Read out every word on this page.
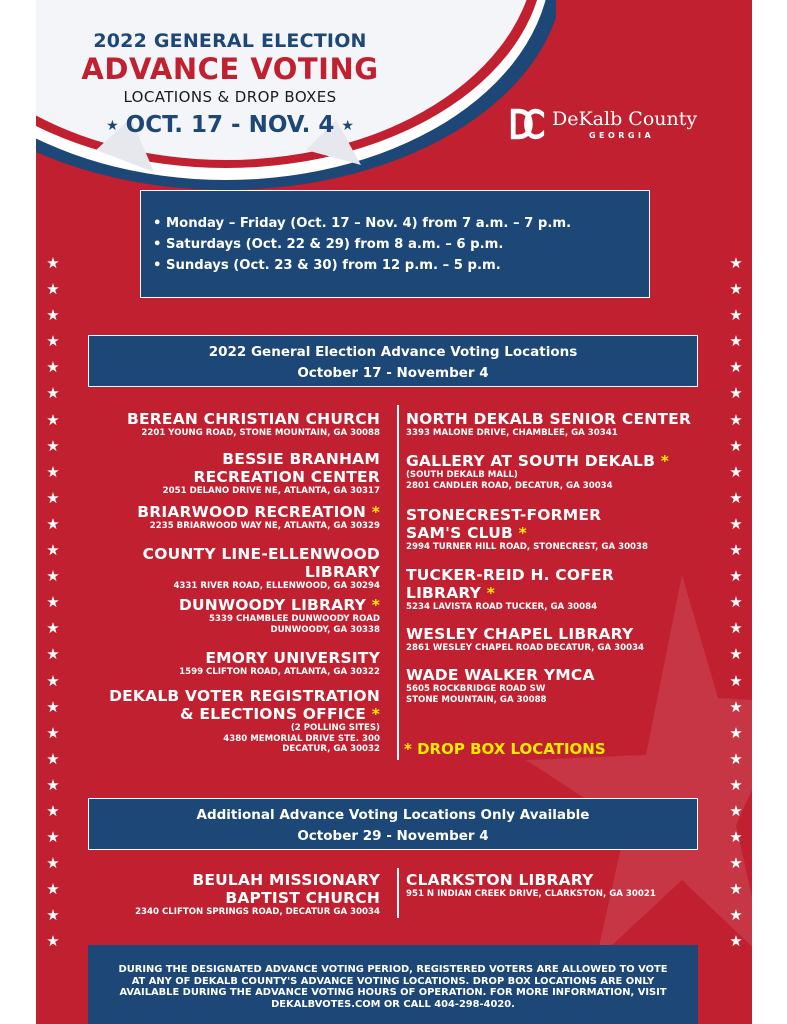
★
★
★
★
★
★
★
★
★
★
★
★
★
★
★
★
★
★
★
★
★
★
★
★
★
★
★
★
★
★
★
★
★
★
★
★
★
★
★
★
★
★
★
★
★
★
★
★
★
★
★
★
★
★
2022 GENERAL ELECTION
ADVANCE VOTING
LOCATIONS & DROP BOXES
★ OCT. 17 - NOV. 4 ★	DeKalb County
GEORGIA
• Monday – Friday (Oct. 17 – Nov. 4) from 7 a.m. – 7 p.m.
• Saturdays (Oct. 22 & 29) from 8 a.m. – 6 p.m.
• Sundays (Oct. 23 & 30) from 12 p.m. – 5 p.m.
2022 General Election Advance Voting Locations
October 17 - November 4
BEREAN CHRISTIAN CHURCH
2201 YOUNG ROAD, STONE MOUNTAIN, GA 30088
BESSIE BRANHAM
RECREATION CENTER
2051 DELANO DRIVE NE, ATLANTA, GA 30317
BRIARWOOD RECREATION *
2235 BRIARWOOD WAY NE, ATLANTA, GA 30329
COUNTY LINE-ELLENWOOD
LIBRARY
4331 RIVER ROAD, ELLENWOOD, GA 30294
DUNWOODY LIBRARY *
5339 CHAMBLEE DUNWOODY ROAD
DUNWOODY, GA 30338
EMORY UNIVERSITY
1599 CLIFTON ROAD, ATLANTA, GA 30322
DEKALB VOTER REGISTRATION
& ELECTIONS OFFICE *
(2 POLLING SITES)
4380 MEMORIAL DRIVE STE. 300
DECATUR, GA 30032
NORTH DEKALB SENIOR CENTER
3393 MALONE DRIVE, CHAMBLEE, GA 30341
GALLERY AT SOUTH DEKALB *
(SOUTH DEKALB MALL)
2801 CANDLER ROAD, DECATUR, GA 30034
STONECREST-FORMER
SAM'S CLUB *
2994 TURNER HILL ROAD, STONECREST, GA 30038
TUCKER-REID H. COFER
LIBRARY *
5234 LAVISTA ROAD TUCKER, GA 30084
WESLEY CHAPEL LIBRARY
2861 WESLEY CHAPEL ROAD DECATUR, GA 30034
WADE WALKER YMCA
5605 ROCKBRIDGE ROAD SW
STONE MOUNTAIN, GA 30088
BEULAH MISSIONARY
BAPTIST CHURCH
2340 CLIFTON SPRINGS ROAD, DECATUR GA 30034
CLARKSTON LIBRARY
951 N INDIAN CREEK DRIVE, CLARKSTON, GA 30021
* DROP BOX LOCATIONS
Additional Advance Voting Locations Only Available
October 29 - November 4
DURING THE DESIGNATED ADVANCE VOTING PERIOD, REGISTERED VOTERS ARE ALLOWED TO VOTE AT ANY OF DEKALB COUNTY'S ADVANCE VOTING LOCATIONS. DROP BOX LOCATIONS ARE ONLY AVAILABLE DURING THE ADVANCE VOTING HOURS OF OPERATION. FOR MORE INFORMATION, VISIT DEKALBVOTES.COM OR CALL 404-298-4020.
